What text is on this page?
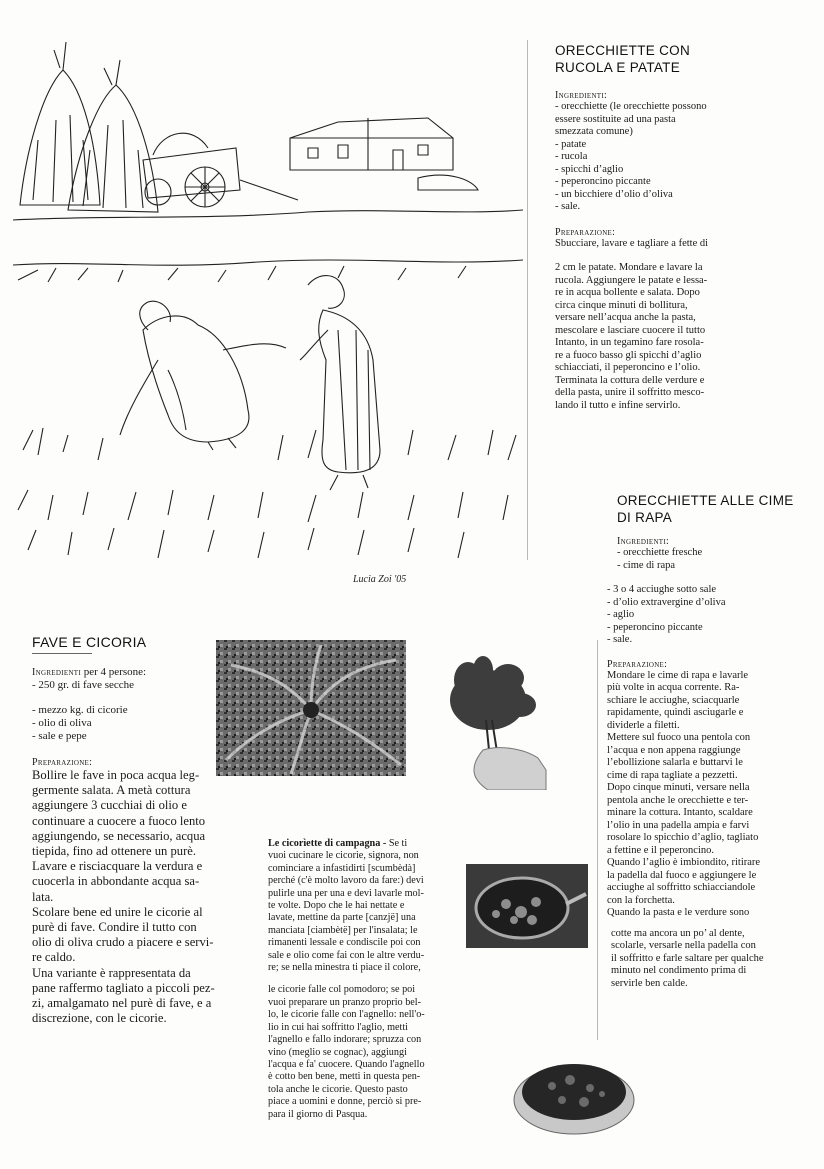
Lucia Zoi '05
ORECCHIETTE CON
RUCOLA E PATATE
Ingredienti:
- orecchiette (le orecchiette possono
essere sostituite ad una pasta
smezzata comune)
- patate
- rucola
- spicchi d’aglio
- peperoncino piccante
- un bicchiere d’olio d’oliva
- sale.
Preparazione:

Sbucciare, lavare e tagliare a fette di

2 cm le patate. Mondare e lavare la
rucola. Aggiungere le patate e lessa-
re in acqua bollente e salata. Dopo
circa cinque minuti di bollitura,
versare nell’acqua anche la pasta,
mescolare e lasciare cuocere il tutto
Intanto, in un tegamino fare rosola-
re a fuoco basso gli spicchi d’aglio
schiacciati, il peperoncino e l’olio.
Terminata la cottura delle verdure e
della pasta, unire il soffritto mesco-
lando il tutto e infine servirlo.
ORECCHIETTE ALLE CIME
DI RAPA
Ingredienti:
- orecchiette fresche
- cime di rapa
- 3 o 4 acciughe sotto sale
- d’olio extravergine d’oliva
- aglio
- peperoncino piccante
- sale.
Preparazione:
Mondare le cime di rapa e lavarle
più volte in acqua corrente. Ra-
schiare le acciughe, sciacquarle
rapidamente, quindi asciugarle e
dividerle a filetti.
Mettere sul fuoco una pentola con
l’acqua e non appena raggiunge
l’ebollizione salarla e buttarvi le
cime di rapa tagliate a pezzetti.
Dopo cinque minuti, versare nella
pentola anche le orecchiette e ter-
minare la cottura. Intanto, scaldare
l’olio in una padella ampia e farvi
rosolare lo spicchio d’aglio, tagliato
a fettine e il peperoncino.
Quando l’aglio è imbiondito, ritirare
la padella dal fuoco e aggiungere le
acciughe al soffritto schiacciandole
con la forchetta.
Quando la pasta e le verdure sono
cotte ma ancora un po’ al dente,
scolarle, versarle nella padella con
il soffritto e farle saltare per qualche
minuto nel condimento prima di
servirle ben calde.
FAVE E CICORIA
Ingredienti per 4 persone:
- 250 gr. di fave secche
- mezzo kg. di cicorie
- olio di oliva
- sale e pepe
Preparazione:
Bollire le fave in poca acqua leg-
germente salata. A metà cottura
aggiungere 3 cucchiai di olio e
continuare a cuocere a fuoco lento
aggiungendo, se necessario, acqua
tiepida, fino ad ottenere un purè.
Lavare e risciacquare la verdura e
cuocerla in abbondante acqua sa-
lata.
Scolare bene ed unire le cicorie al
purè di fave. Condire il tutto con
olio di oliva crudo a piacere e servi-
re caldo.
Una variante è rappresentata da
pane raffermo tagliato a piccoli pez-
zi, amalgamato nel purè di fave, e a
discrezione, con le cicorie.
Le cicorìette di campagna - Se ti
vuoi cucinare le cicorie, signora, non
cominciare a infastidirti [scumbèdà]
perché (c'è molto lavoro da fare:) devi
pulirle una per una e devi lavarle mol-
te volte. Dopo che le hai nettate e
lavate, mettine da parte [canzjë] una
manciata [ciambètë] per l'insalata; le
rimanenti lessale e condiscile poi con
sale e olio come fai con le altre verdu-
re; se nella minestra ti piace il colore,
le cicorie falle col pomodoro; se poi
vuoi preparare un pranzo proprio bel-
lo, le cicorie falle con l'agnello: nell'o-
lio in cui hai soffritto l'aglio, metti
l'agnello e fallo indorare; spruzza con
vino (meglio se cognac), aggiungi
l'acqua e fa' cuocere. Quando l'agnello
è cotto ben bene, metti in questa pen-
tola anche le cicorie. Questo pasto
piace a uomini e donne, perciò si pre-
para il giorno di Pasqua.
